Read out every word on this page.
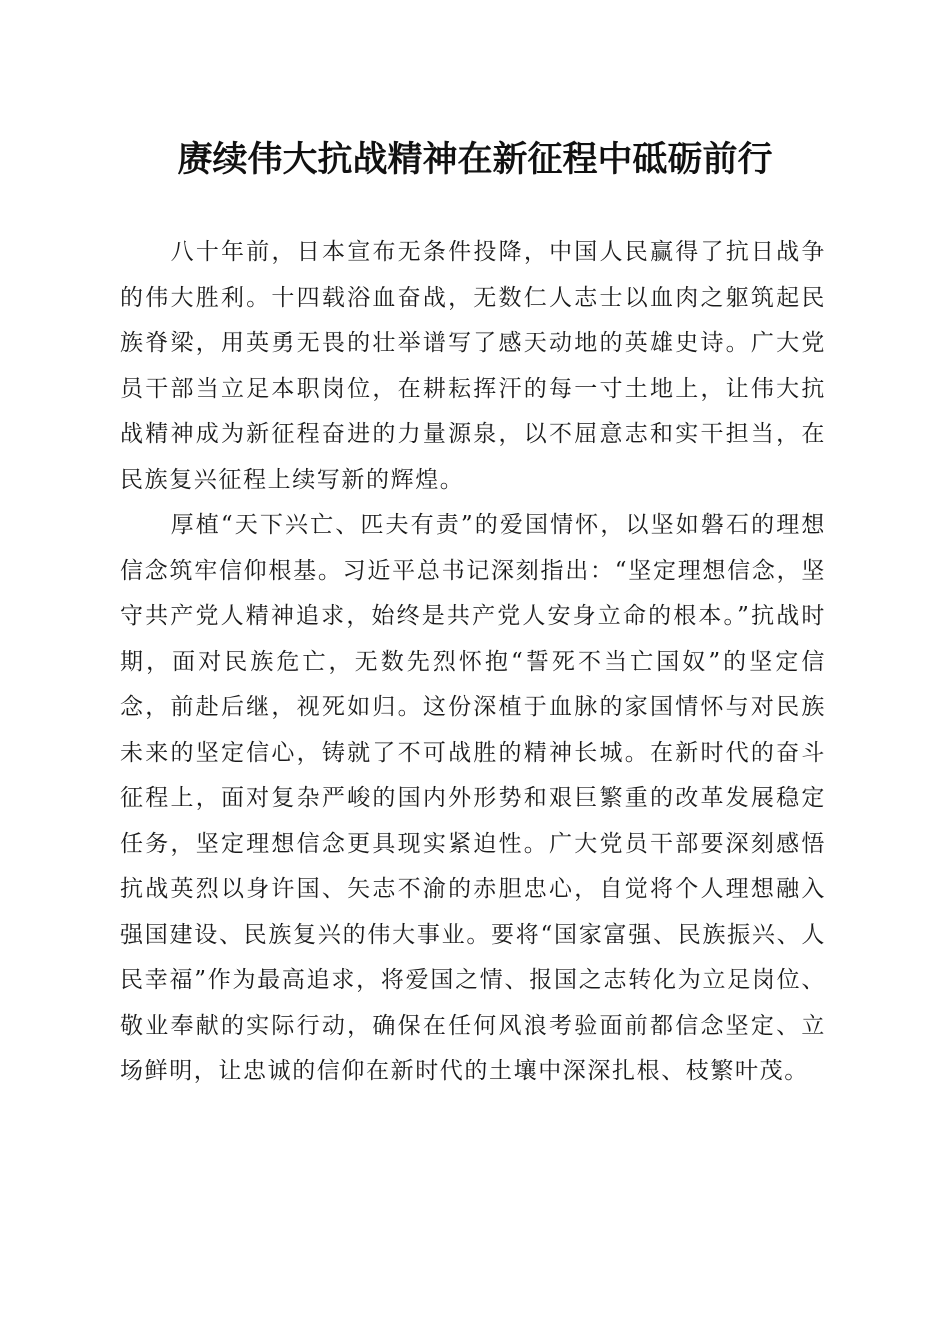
赓续伟大抗战精神在新征程中砥砺前行

八十年前，日本宣布无条件投降，中国人民赢得了抗日战争的伟大胜利。十四载浴血奋战，无数仁人志士以血肉之躯筑起民族脊梁，用英勇无畏的壮举谱写了感天动地的英雄史诗。广大党员干部当立足本职岗位，在耕耘挥汗的每一寸土地上，让伟大抗战精神成为新征程奋进的力量源泉，以不屈意志和实干担当，在民族复兴征程上续写新的辉煌。

厚植“天下兴亡、匹夫有责”的爱国情怀，以坚如磐石的理想信念筑牢信仰根基。习近平总书记深刻指出：“坚定理想信念，坚守共产党人精神追求，始终是共产党人安身立命的根本。”抗战时期，面对民族危亡，无数先烈怀抱“誓死不当亡国奴”的坚定信念，前赴后继，视死如归。这份深植于血脉的家国情怀与对民族未来的坚定信心，铸就了不可战胜的精神长城。在新时代的奋斗征程上，面对复杂严峻的国内外形势和艰巨繁重的改革发展稳定任务，坚定理想信念更具现实紧迫性。广大党员干部要深刻感悟抗战英烈以身许国、矢志不渝的赤胆忠心，自觉将个人理想融入强国建设、民族复兴的伟大事业。要将“国家富强、民族振兴、人民幸福”作为最高追求，将爱国之情、报国之志转化为立足岗位、敬业奉献的实际行动，确保在任何风浪考验面前都信念坚定、立场鲜明，让忠诚的信仰在新时代的土壤中深深扎根、枝繁叶茂。
